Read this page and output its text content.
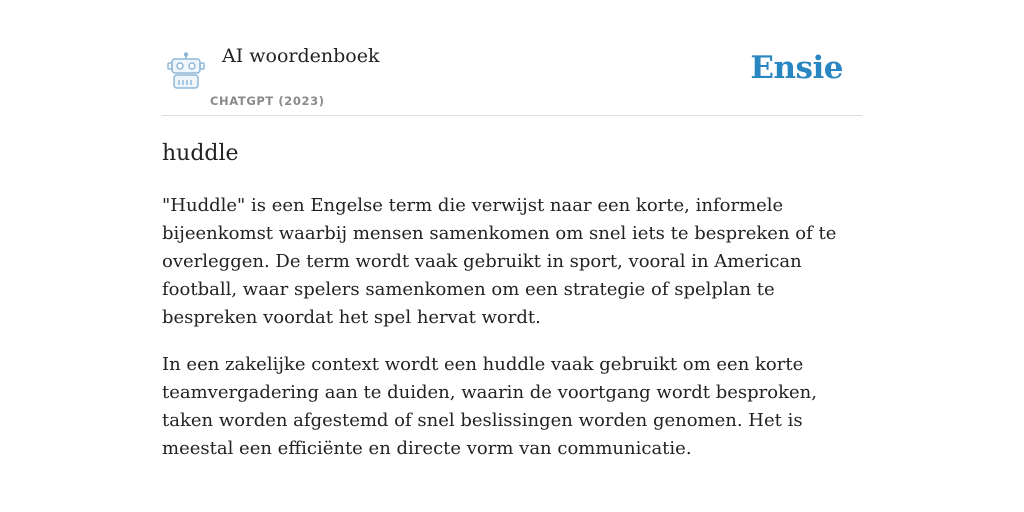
AI woordenboek
CHATGPT (2023)
Ensie
huddle

"Huddle" is een Engelse term die verwijst naar een korte, informele bijeenkomst waarbij mensen samenkomen om snel iets te bespreken of te overleggen. De term wordt vaak gebruikt in sport, vooral in American football, waar spelers samenkomen om een strategie of spelplan te bespreken voordat het spel hervat wordt.

In een zakelijke context wordt een huddle vaak gebruikt om een korte teamvergadering aan te duiden, waarin de voortgang wordt besproken, taken worden afgestemd of snel beslissingen worden genomen. Het is meestal een efficiënte en directe vorm van communicatie.
